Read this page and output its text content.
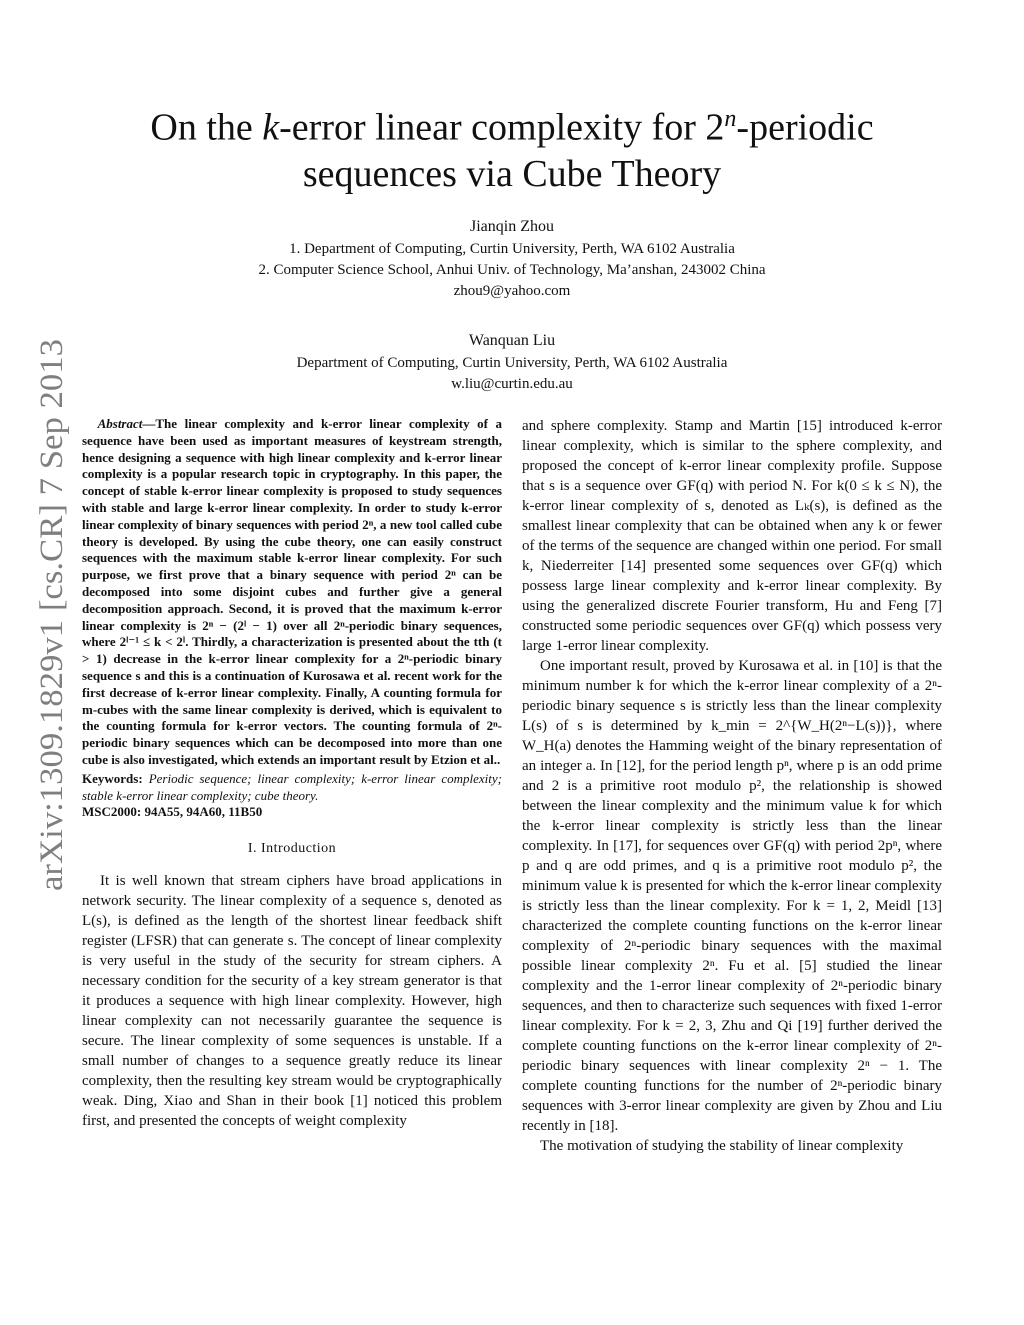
arXiv:1309.1829v1 [cs.CR] 7 Sep 2013
On the k-error linear complexity for 2$^n$-periodic
sequences via Cube Theory
Jianqin Zhou
1. Department of Computing, Curtin University, Perth, WA 6102 Australia
2. Computer Science School, Anhui Univ. of Technology, Ma’anshan, 243002 China
zhou9@yahoo.com
Wanquan Liu
Department of Computing, Curtin University, Perth, WA 6102 Australia
w.liu@curtin.edu.au
Abstract—The linear complexity and k-error linear complexity of a sequence have been used as important measures of keystream strength, hence designing a sequence with high linear complexity and k-error linear complexity is a popular research topic in cryptography. In this paper, the concept of stable k-error linear complexity is proposed to study sequences with stable and large k-error linear complexity. In order to study k-error linear complexity of binary sequences with period 2ⁿ, a new tool called cube theory is developed. By using the cube theory, one can easily construct sequences with the maximum stable k-error linear complexity. For such purpose, we first prove that a binary sequence with period 2ⁿ can be decomposed into some disjoint cubes and further give a general decomposition approach. Second, it is proved that the maximum k-error linear complexity is 2ⁿ − (2ˡ − 1) over all 2ⁿ-periodic binary sequences, where 2ˡ⁻¹ ≤ k < 2ˡ. Thirdly, a characterization is presented about the tth (t > 1) decrease in the k-error linear complexity for a 2ⁿ-periodic binary sequence s and this is a continuation of Kurosawa et al. recent work for the first decrease of k-error linear complexity. Finally, A counting formula for m-cubes with the same linear complexity is derived, which is equivalent to the counting formula for k-error vectors. The counting formula of 2ⁿ-periodic binary sequences which can be decomposed into more than one cube is also investigated, which extends an important result by Etzion et al..
Keywords: Periodic sequence; linear complexity; k-error linear complexity; stable k-error linear complexity; cube theory.
MSC2000: 94A55, 94A60, 11B50
I. Introduction

It is well known that stream ciphers have broad applications in network security. The linear complexity of a sequence s, denoted as L(s), is defined as the length of the shortest linear feedback shift register (LFSR) that can generate s. The concept of linear complexity is very useful in the study of the security for stream ciphers. A necessary condition for the security of a key stream generator is that it produces a sequence with high linear complexity. However, high linear complexity can not necessarily guarantee the sequence is secure. The linear complexity of some sequences is unstable. If a small number of changes to a sequence greatly reduce its linear complexity, then the resulting key stream would be cryptographically weak. Ding, Xiao and Shan in their book [1] noticed this problem first, and presented the concepts of weight complexity

and sphere complexity. Stamp and Martin [15] introduced k-error linear complexity, which is similar to the sphere complexity, and proposed the concept of k-error linear complexity profile. Suppose that s is a sequence over GF(q) with period N. For k(0 ≤ k ≤ N), the k-error linear complexity of s, denoted as Lₖ(s), is defined as the smallest linear complexity that can be obtained when any k or fewer of the terms of the sequence are changed within one period. For small k, Niederreiter [14] presented some sequences over GF(q) which possess large linear complexity and k-error linear complexity. By using the generalized discrete Fourier transform, Hu and Feng [7] constructed some periodic sequences over GF(q) which possess very large 1-error linear complexity.

One important result, proved by Kurosawa et al. in [10] is that the minimum number k for which the k-error linear complexity of a 2ⁿ-periodic binary sequence s is strictly less than the linear complexity L(s) of s is determined by k_min = 2^{W_H(2ⁿ−L(s))}, where W_H(a) denotes the Hamming weight of the binary representation of an integer a. In [12], for the period length pⁿ, where p is an odd prime and 2 is a primitive root modulo p², the relationship is showed between the linear complexity and the minimum value k for which the k-error linear complexity is strictly less than the linear complexity. In [17], for sequences over GF(q) with period 2pⁿ, where p and q are odd primes, and q is a primitive root modulo p², the minimum value k is presented for which the k-error linear complexity is strictly less than the linear complexity. For k = 1, 2, Meidl [13] characterized the complete counting functions on the k-error linear complexity of 2ⁿ-periodic binary sequences with the maximal possible linear complexity 2ⁿ. Fu et al. [5] studied the linear complexity and the 1-error linear complexity of 2ⁿ-periodic binary sequences, and then to characterize such sequences with fixed 1-error linear complexity. For k = 2, 3, Zhu and Qi [19] further derived the complete counting functions on the k-error linear complexity of 2ⁿ-periodic binary sequences with linear complexity 2ⁿ − 1. The complete counting functions for the number of 2ⁿ-periodic binary sequences with 3-error linear complexity are given by Zhou and Liu recently in [18].

The motivation of studying the stability of linear complexity
